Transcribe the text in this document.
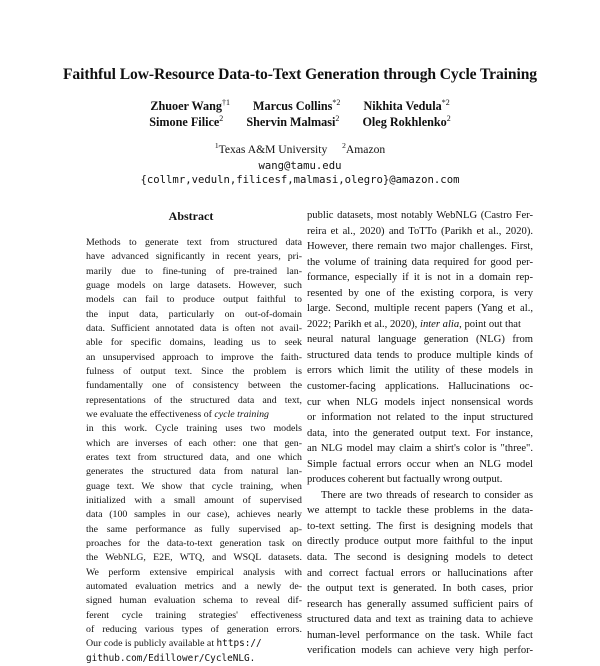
Faithful Low-Resource Data-to-Text Generation through Cycle Training
Zhuoer Wang$^{\dagger 1}$ Marcus Collins$^{*2}$ Nikhita Vedula$^{*2}$
Simone Filice$^2$ Shervin Malmasi$^2$ Oleg Rokhlenko$^2$
$^1$Texas A&M University $^2$Amazon
wang@tamu.edu
{collmr,veduln,filicesf,malmasi,olegro}@amazon.com
Abstract
Methods to generate text from structured data
have advanced significantly in recent years, pri-
marily due to fine-tuning of pre-trained lan-
guage models on large datasets. However, such
models can fail to produce output faithful to
the input data, particularly on out-of-domain
data. Sufficient annotated data is often not avail-
able for specific domains, leading us to seek
an unsupervised approach to improve the faith-
fulness of output text. Since the problem is
fundamentally one of consistency between the
representations of the structured data and text,
we evaluate the effectiveness of cycle training
in this work. Cycle training uses two models
which are inverses of each other: one that gen-
erates text from structured data, and one which
generates the structured data from natural lan-
guage text. We show that cycle training, when
initialized with a small amount of supervised
data (100 samples in our case), achieves nearly
the same performance as fully supervised ap-
proaches for the data-to-text generation task on
the WebNLG, E2E, WTQ, and WSQL datasets.
We perform extensive empirical analysis with
automated evaluation metrics and a newly de-
signed human evaluation schema to reveal dif-
ferent cycle training strategies' effectiveness
of reducing various types of generation errors.
Our code is publicly available at https://
github.com/Edillower/CycleNLG.
public datasets, most notably WebNLG (Castro Fer-
reira et al., 2020) and ToTTo (Parikh et al., 2020).
However, there remain two major challenges. First,
the volume of training data required for good per-
formance, especially if it is not in a domain rep-
resented by one of the existing corpora, is very
large. Second, multiple recent papers (Yang et al.,
2022; Parikh et al., 2020), inter alia, point out that
neural natural language generation (NLG) from
structured data tends to produce multiple kinds of
errors which limit the utility of these models in
customer-facing applications. Hallucinations oc-
cur when NLG models inject nonsensical words
or information not related to the input structured
data, into the generated output text. For instance,
an NLG model may claim a shirt's color is "three".
Simple factual errors occur when an NLG model
produces coherent but factually wrong output.
There are two threads of research to consider as
we attempt to tackle these problems in the data-
to-text setting. The first is designing models that
directly produce output more faithful to the input
data. The second is designing models to detect
and correct factual errors or hallucinations after
the output text is generated. In both cases, prior
research has generally assumed sufficient pairs of
structured data and text as training data to achieve
human-level performance on the task. While fact
verification models can achieve very high perfor-
